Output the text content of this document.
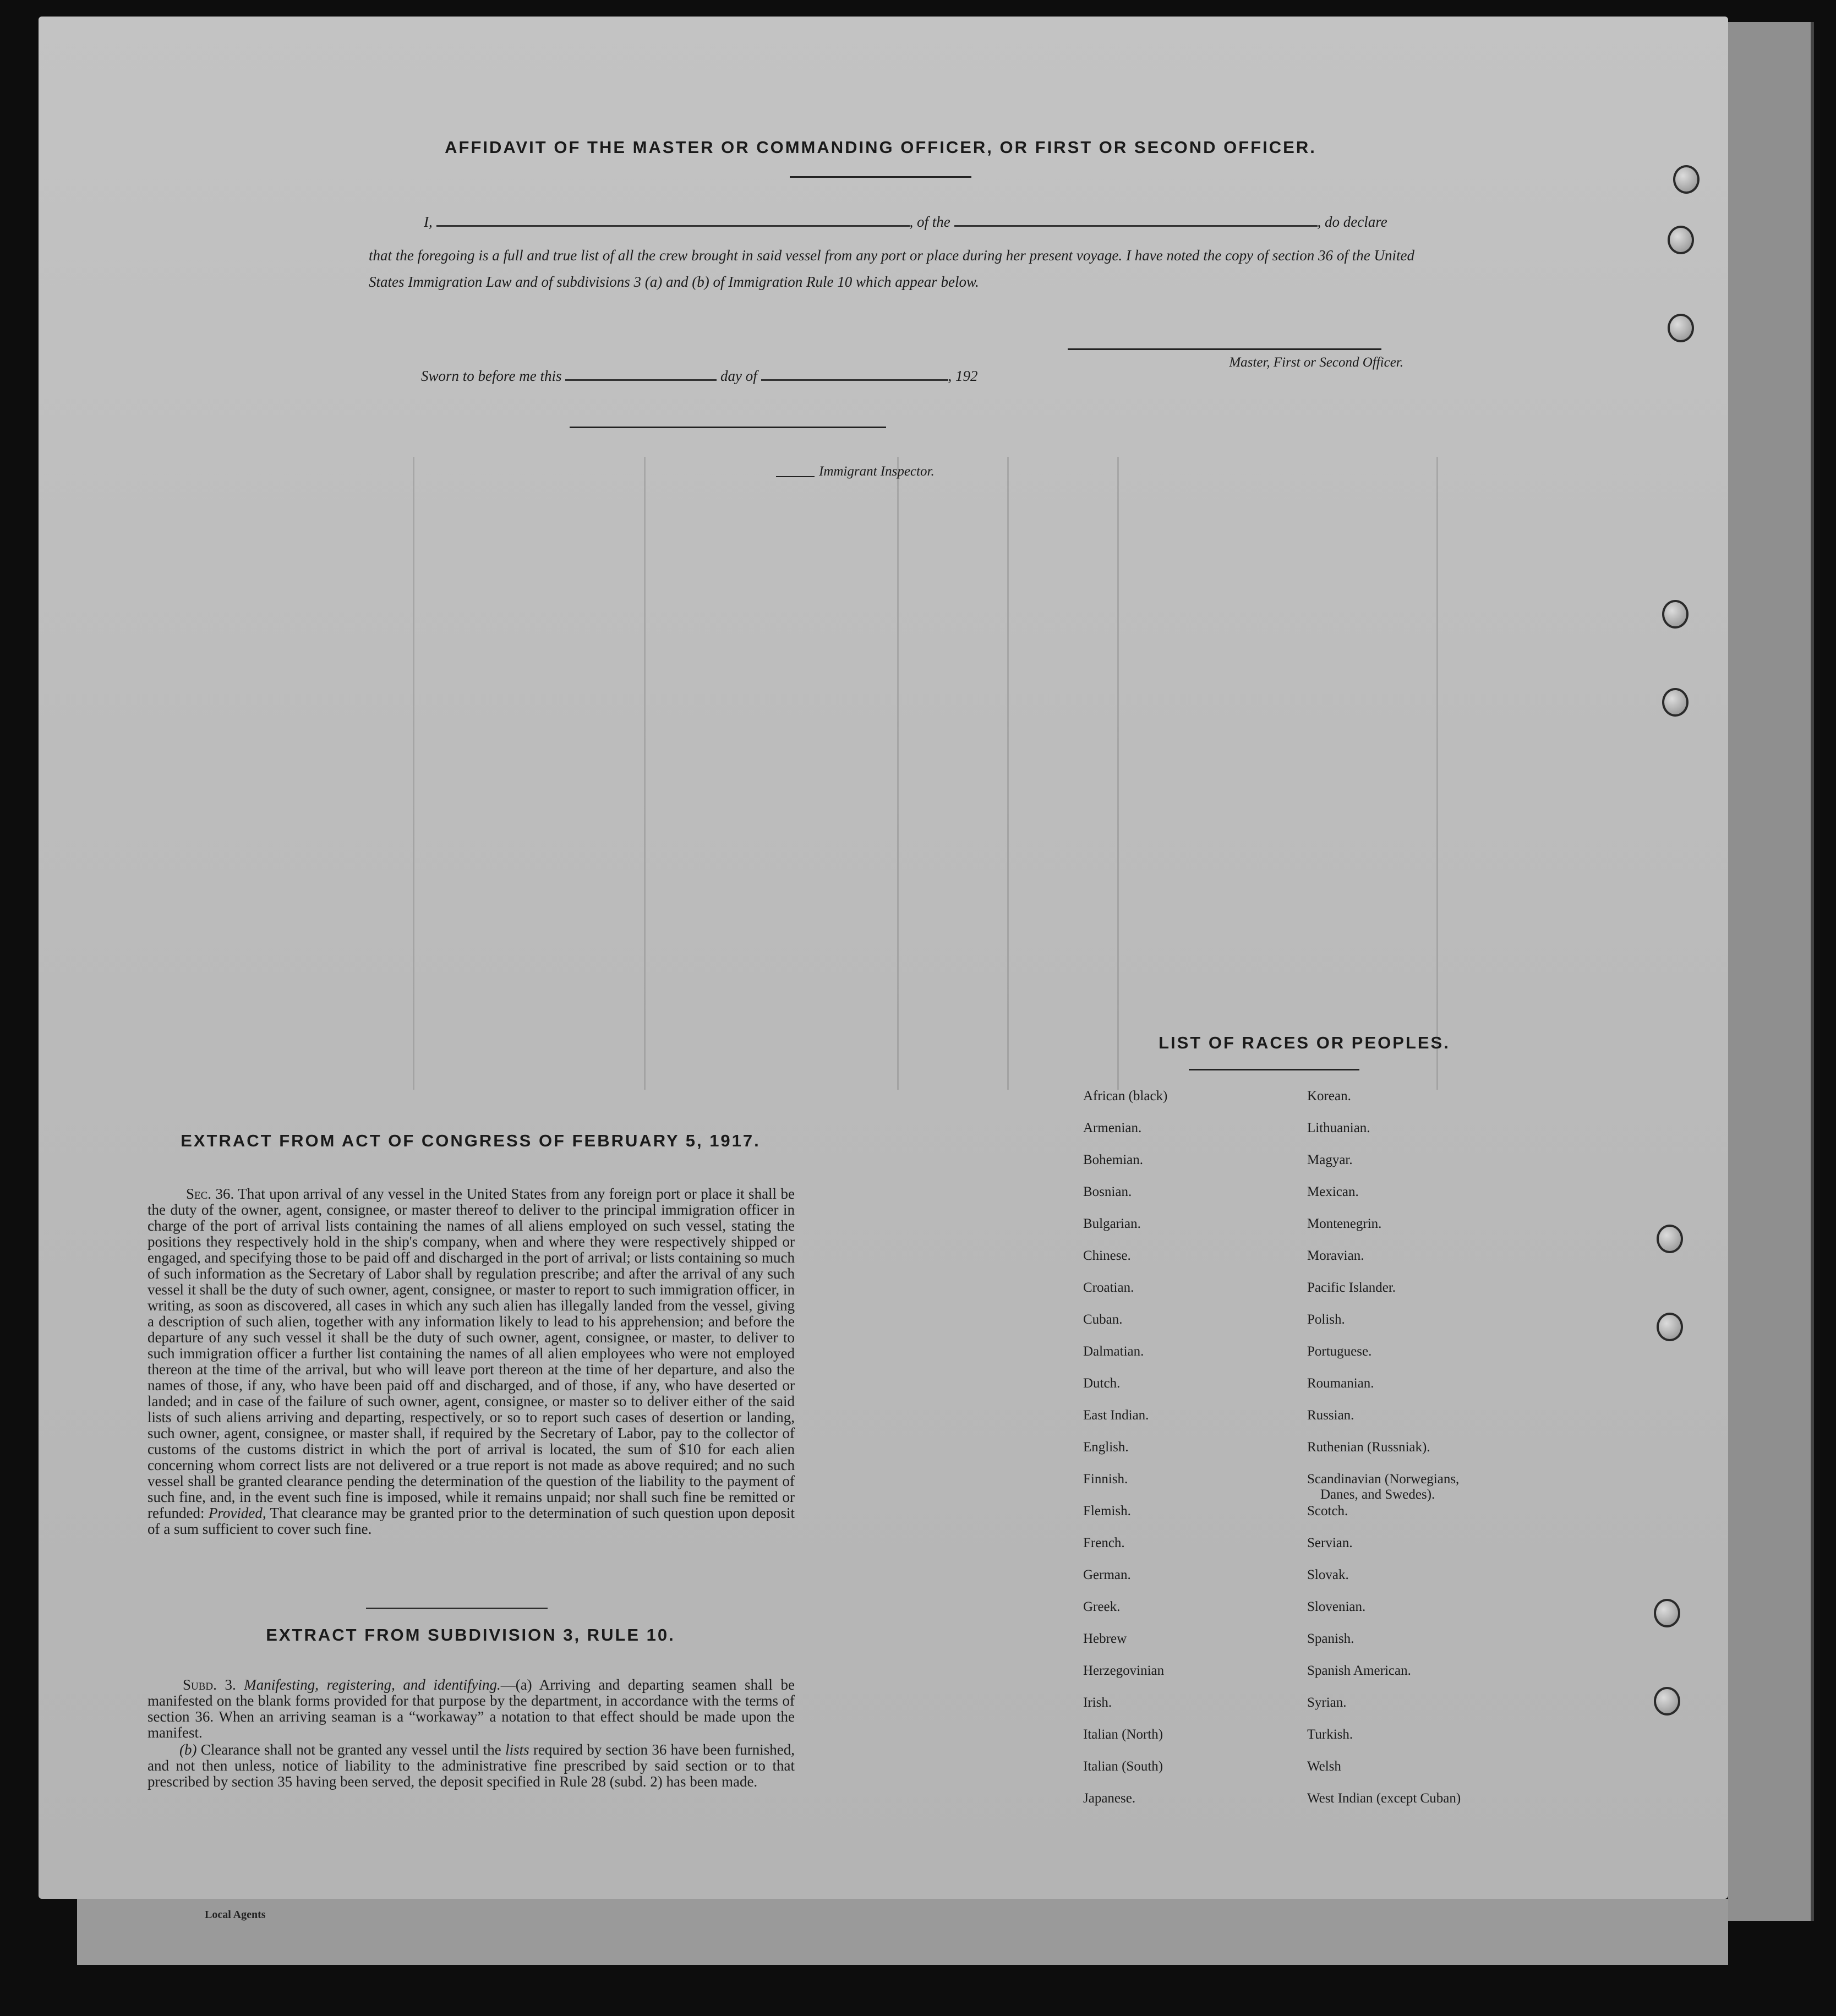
Local Agents
AFFIDAVIT OF THE MASTER OR COMMANDING OFFICER, OR FIRST OR SECOND OFFICER.
I,	, of the	, do declare
that the foregoing is a full and true list of all the crew brought in said vessel from any port or place during her present voyage. I have noted the copy of section 36 of the United States Immigration Law and of subdivisions 3 (a) and (b) of Immigration Rule 10 which appear below.
Master, First or Second Officer.
Sworn to before me this	day of	, 192
Immigrant Inspector.
EXTRACT FROM ACT OF CONGRESS OF FEBRUARY 5, 1917.
Sec. 36. That upon arrival of any vessel in the United States from any foreign port or place it shall be the duty of the owner, agent, consignee, or master thereof to deliver to the principal immigration officer in charge of the port of arrival lists containing the names of all aliens employed on such vessel, stating the positions they respectively hold in the ship's company, when and where they were respectively shipped or engaged, and specifying those to be paid off and discharged in the port of arrival; or lists containing so much of such information as the Secretary of Labor shall by regulation prescribe; and after the arrival of any such vessel it shall be the duty of such owner, agent, consignee, or master to report to such immigration officer, in writing, as soon as discovered, all cases in which any such alien has illegally landed from the vessel, giving a description of such alien, together with any information likely to lead to his apprehension; and before the departure of any such vessel it shall be the duty of such owner, agent, consignee, or master, to deliver to such immigration officer a further list containing the names of all alien employees who were not employed thereon at the time of the arrival, but who will leave port thereon at the time of her departure, and also the names of those, if any, who have been paid off and discharged, and of those, if any, who have deserted or landed; and in case of the failure of such owner, agent, consignee, or master so to deliver either of the said lists of such aliens arriving and departing, respectively, or so to report such cases of desertion or landing, such owner, agent, consignee, or master shall, if required by the Secretary of Labor, pay to the collector of customs of the customs district in which the port of arrival is located, the sum of $10 for each alien concerning whom correct lists are not delivered or a true report is not made as above required; and no such vessel shall be granted clearance pending the determination of the question of the liability to the payment of such fine, and, in the event such fine is imposed, while it remains unpaid; nor shall such fine be remitted or refunded: Provided, That clearance may be granted prior to the determination of such question upon deposit of a sum sufficient to cover such fine.
EXTRACT FROM SUBDIVISION 3, RULE 10.
Subd. 3. Manifesting, registering, and identifying.—(a) Arriving and departing seamen shall be manifested on the blank forms provided for that purpose by the department, in accordance with the terms of section 36. When an arriving seaman is a “workaway” a notation to that effect should be made upon the manifest.
(b) Clearance shall not be granted any vessel until the lists required by section 36 have been furnished, and not then unless, notice of liability to the administrative fine prescribed by said section or to that prescribed by section 35 having been served, the deposit specified in Rule 28 (subd. 2) has been made.
LIST OF RACES OR PEOPLES.
African (black)
Armenian.
Bohemian.
Bosnian.
Bulgarian.
Chinese.
Croatian.
Cuban.
Dalmatian.
Dutch.
East Indian.
English.
Finnish.
Flemish.
French.
German.
Greek.
Hebrew
Herzegovinian
Irish.
Italian (North)
Italian (South)
Japanese.
Korean.
Lithuanian.
Magyar.
Mexican.
Montenegrin.
Moravian.
Pacific Islander.
Polish.
Portuguese.
Roumanian.
Russian.
Ruthenian (Russniak).
Scandinavian (Norwegians,
Danes, and Swedes).
Scotch.
Servian.
Slovak.
Slovenian.
Spanish.
Spanish American.
Syrian.
Turkish.
Welsh
West Indian (except Cuban)
